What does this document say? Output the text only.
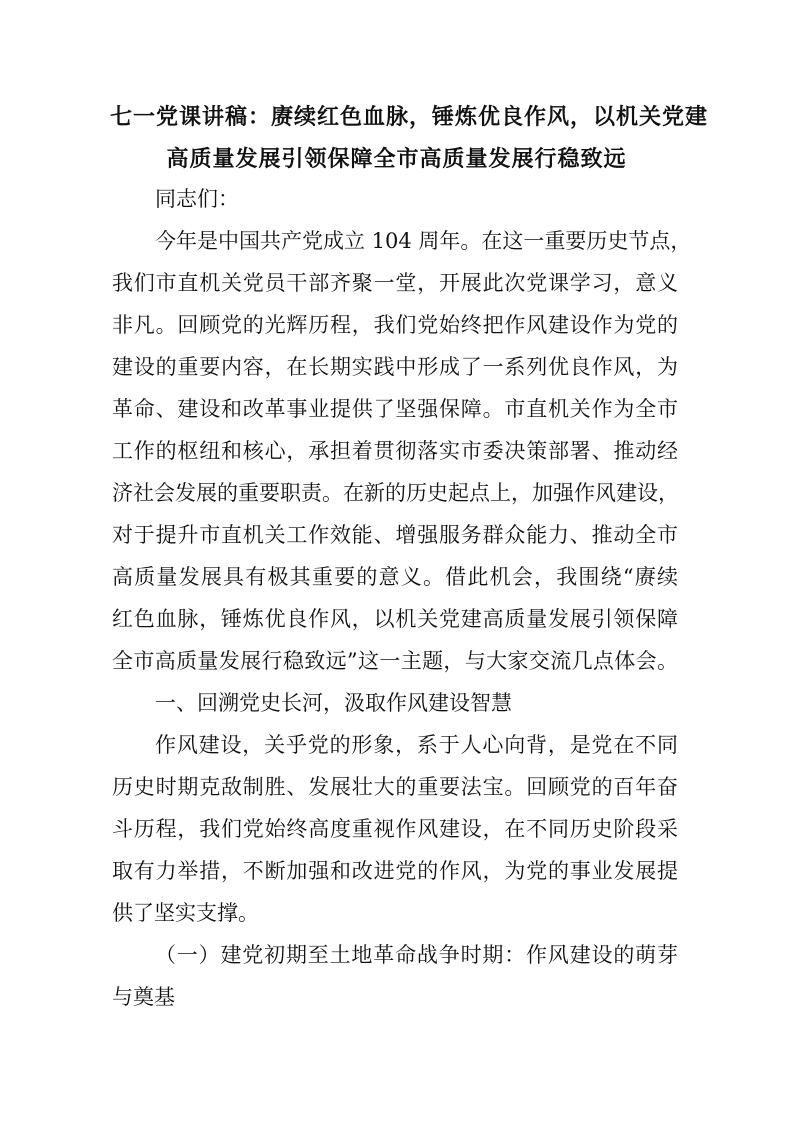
七一党课讲稿：赓续红色血脉，锤炼优良作风，以机关党建
高质量发展引领保障全市高质量发展行稳致远
同志们：
今年是中国共产党成立 104 周年。在这一重要历史节点，
我们市直机关党员干部齐聚一堂，开展此次党课学习，意义
非凡。回顾党的光辉历程，我们党始终把作风建设作为党的
建设的重要内容，在长期实践中形成了一系列优良作风，为
革命、建设和改革事业提供了坚强保障。市直机关作为全市
工作的枢纽和核心，承担着贯彻落实市委决策部署、推动经
济社会发展的重要职责。在新的历史起点上，加强作风建设，
对于提升市直机关工作效能、增强服务群众能力、推动全市
高质量发展具有极其重要的意义。借此机会，我围绕“赓续
红色血脉，锤炼优良作风，以机关党建高质量发展引领保障
全市高质量发展行稳致远”这一主题，与大家交流几点体会。
一、回溯党史长河，汲取作风建设智慧
作风建设，关乎党的形象，系于人心向背，是党在不同
历史时期克敌制胜、发展壮大的重要法宝。回顾党的百年奋
斗历程，我们党始终高度重视作风建设，在不同历史阶段采
取有力举措，不断加强和改进党的作风，为党的事业发展提
供了坚实支撑。
（一）建党初期至土地革命战争时期：作风建设的萌芽
与奠基
